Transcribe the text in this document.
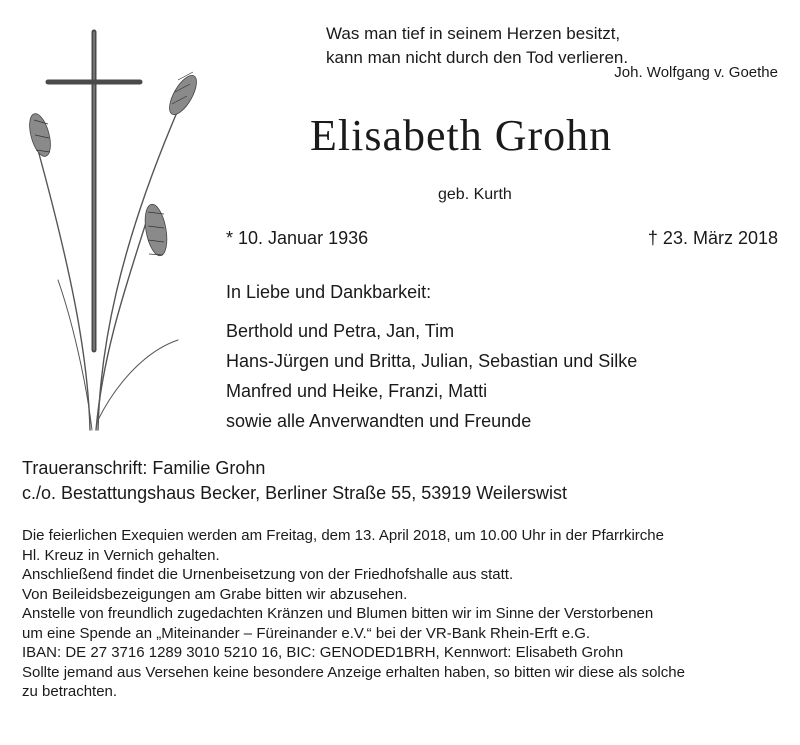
Was man tief in seinem Herzen besitzt,
kann man nicht durch den Tod verlieren.
Joh. Wolfgang v. Goethe
Elisabeth Grohn
geb. Kurth
* 10. Januar 1936	† 23. März 2018
In Liebe und Dankbarkeit:
Berthold und Petra, Jan, Tim
Hans-Jürgen und Britta, Julian, Sebastian und Silke
Manfred und Heike, Franzi, Matti
sowie alle Anverwandten und Freunde
Traueranschrift: Familie Grohn
c./o. Bestattungshaus Becker, Berliner Straße 55, 53919 Weilerswist
Die feierlichen Exequien werden am Freitag, dem 13. April 2018, um 10.00 Uhr in der Pfarrkirche
Hl. Kreuz in Vernich gehalten.
Anschließend findet die Urnenbeisetzung von der Friedhofshalle aus statt.
Von Beileidsbezeigungen am Grabe bitten wir abzusehen.
Anstelle von freundlich zugedachten Kränzen und Blumen bitten wir im Sinne der Verstorbenen
um eine Spende an „Miteinander – Füreinander e.V.“ bei der VR-Bank Rhein-Erft e.G.
IBAN: DE 27 3716 1289 3010 5210 16, BIC: GENODED1BRH, Kennwort: Elisabeth Grohn
Sollte jemand aus Versehen keine besondere Anzeige erhalten haben, so bitten wir diese als solche
zu betrachten.
